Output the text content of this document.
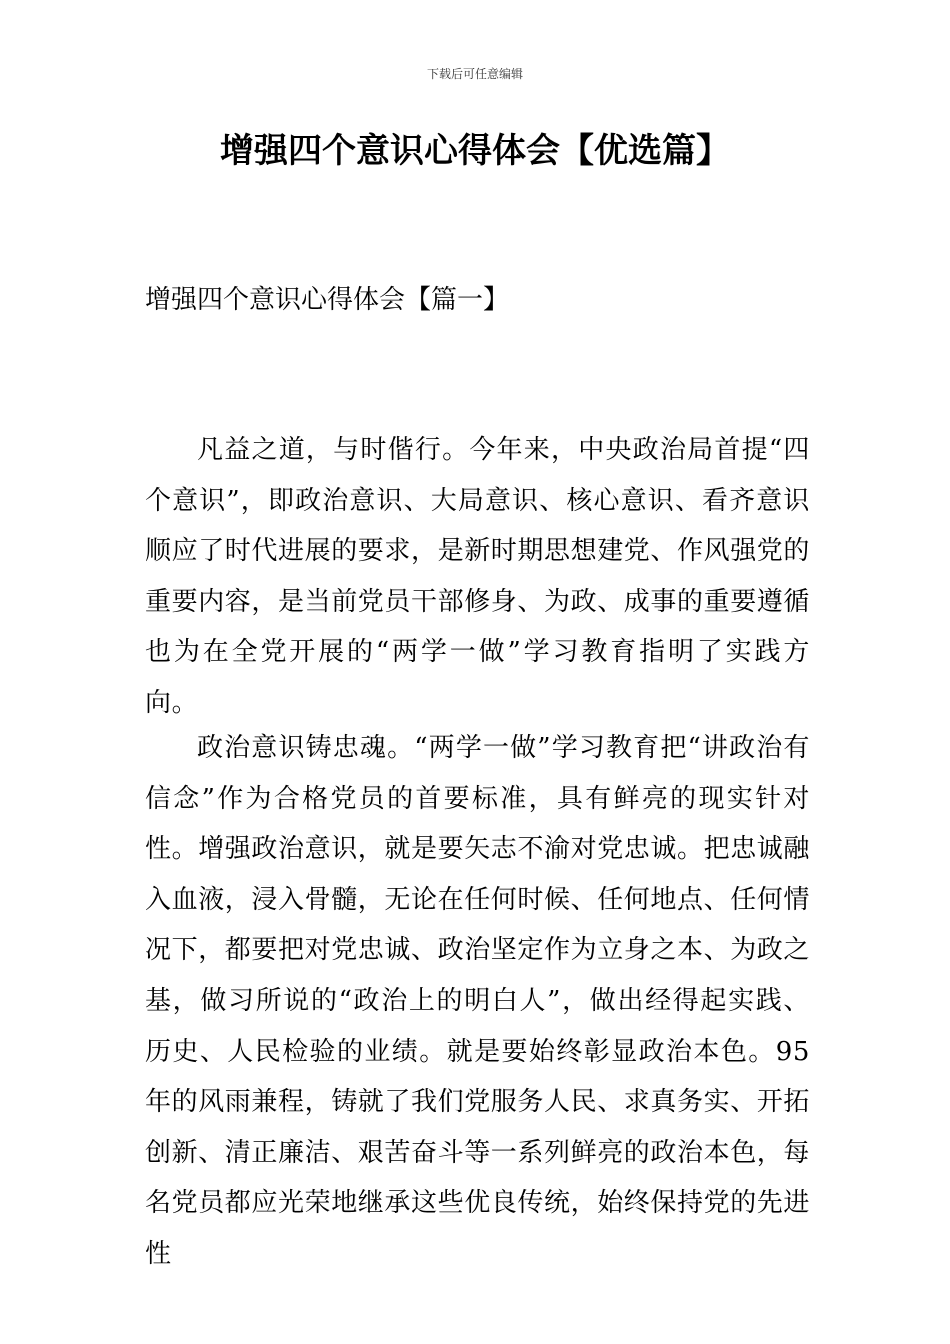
下载后可任意编辑
增强四个意识心得体会【优选篇】
增强四个意识心得体会【篇一】

凡益之道，与时偕行。今年来，中央政治局首提“四个意识”，即政治意识、大局意识、核心意识、看齐意识顺应了时代进展的要求，是新时期思想建党、作风强党的重要内容，是当前党员干部修身、为政、成事的重要遵循也为在全党开展的“两学一做”学习教育指明了实践方向。

政治意识铸忠魂。“两学一做”学习教育把“讲政治有信念”作为合格党员的首要标准，具有鲜亮的现实针对性。增强政治意识，就是要矢志不渝对党忠诚。把忠诚融入血液，浸入骨髓，无论在任何时候、任何地点、任何情况下，都要把对党忠诚、政治坚定作为立身之本、为政之基，做习所说的“政治上的明白人”，做出经得起实践、历史、人民检验的业绩。就是要始终彰显政治本色。95年的风雨兼程，铸就了我们党服务人民、求真务实、开拓创新、清正廉洁、艰苦奋斗等一系列鲜亮的政治本色，每名党员都应光荣地继承这些优良传统，始终保持党的先进性
